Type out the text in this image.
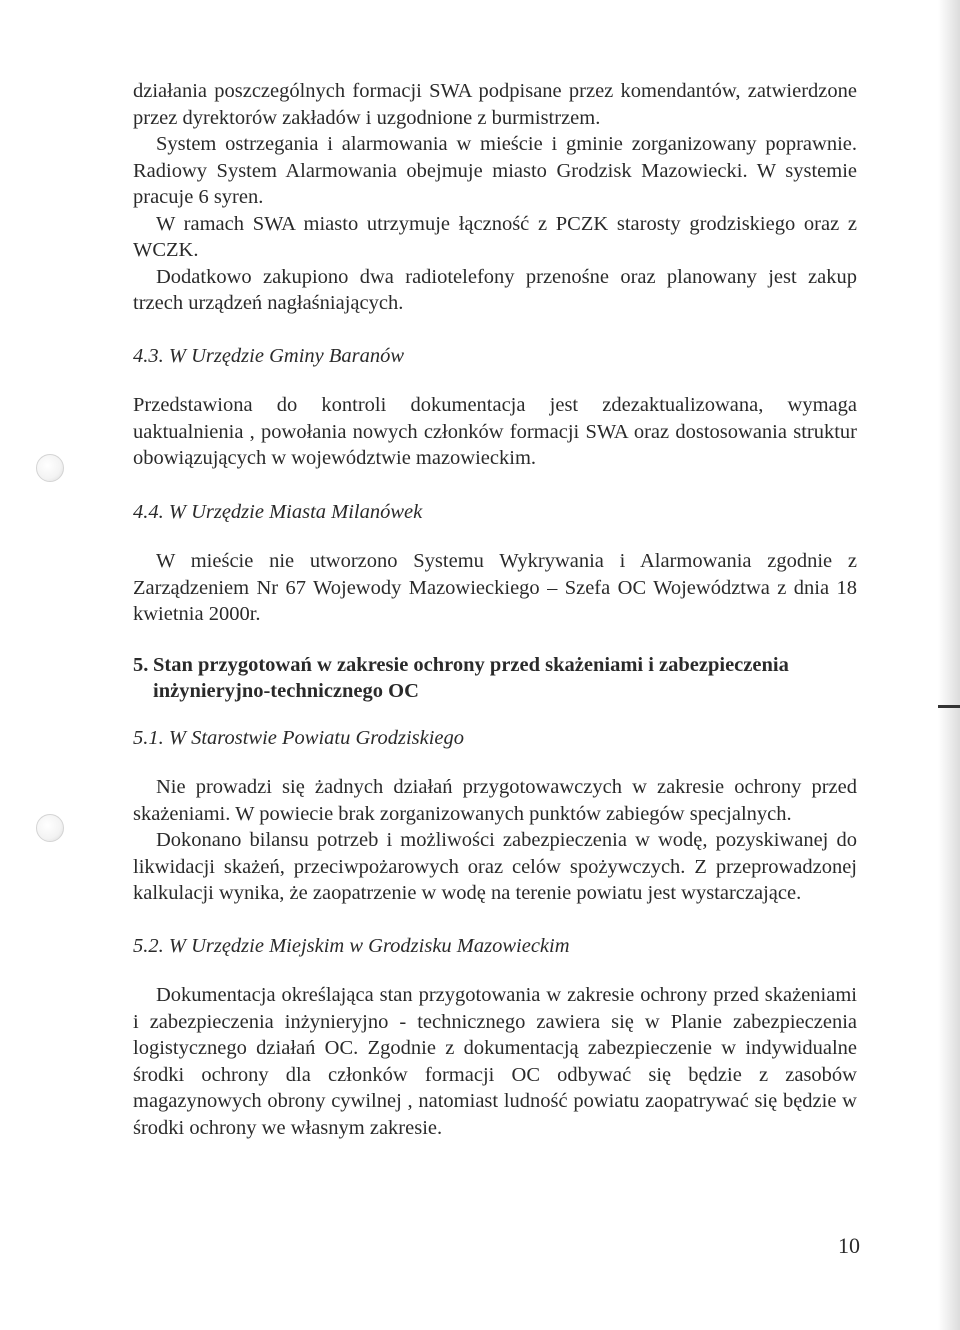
działania poszczególnych formacji SWA podpisane przez komendantów, zatwierdzone przez dyrektorów zakładów i uzgodnione z burmistrzem.

System ostrzegania i alarmowania w mieście i gminie zorganizowany poprawnie. Radiowy System Alarmowania obejmuje miasto Grodzisk Mazowiecki. W systemie pracuje 6 syren.

W ramach SWA miasto utrzymuje łączność z PCZK starosty grodziskiego oraz z WCZK.

Dodatkowo zakupiono dwa radiotelefony przenośne oraz planowany jest zakup trzech urządzeń nagłaśniających.

4.3. W Urzędzie Gminy Baranów

Przedstawiona do kontroli dokumentacja jest zdezaktualizowana, wymaga uaktualnienia , powołania nowych członków formacji SWA oraz dostosowania struktur obowiązujących w województwie mazowieckim.

4.4. W Urzędzie Miasta Milanówek

W mieście nie utworzono Systemu Wykrywania i Alarmowania zgodnie z Zarządzeniem Nr 67 Wojewody Mazowieckiego – Szefa OC Województwa z dnia 18 kwietnia 2000r.

5. Stan przygotowań w zakresie ochrony przed skażeniami i zabezpieczenia
inżynieryjno-technicznego OC

5.1. W Starostwie Powiatu Grodziskiego

Nie prowadzi się żadnych działań przygotowawczych w zakresie ochrony przed skażeniami. W powiecie brak zorganizowanych punktów zabiegów specjalnych.

Dokonano bilansu potrzeb i możliwości zabezpieczenia w wodę, pozyskiwanej do likwidacji skażeń, przeciwpożarowych oraz celów spożywczych. Z przeprowadzonej kalkulacji wynika, że zaopatrzenie w wodę na terenie powiatu jest wystarczające.

5.2. W Urzędzie Miejskim w Grodzisku Mazowieckim

Dokumentacja określająca stan przygotowania w zakresie ochrony przed skażeniami i zabezpieczenia inżynieryjno - technicznego zawiera się w Planie zabezpieczenia logistycznego działań OC. Zgodnie z dokumentacją zabezpieczenie w indywidualne środki ochrony dla członków formacji OC odbywać się będzie z zasobów magazynowych obrony cywilnej , natomiast ludność powiatu zaopatrywać się będzie w środki ochrony we własnym zakresie.

10
